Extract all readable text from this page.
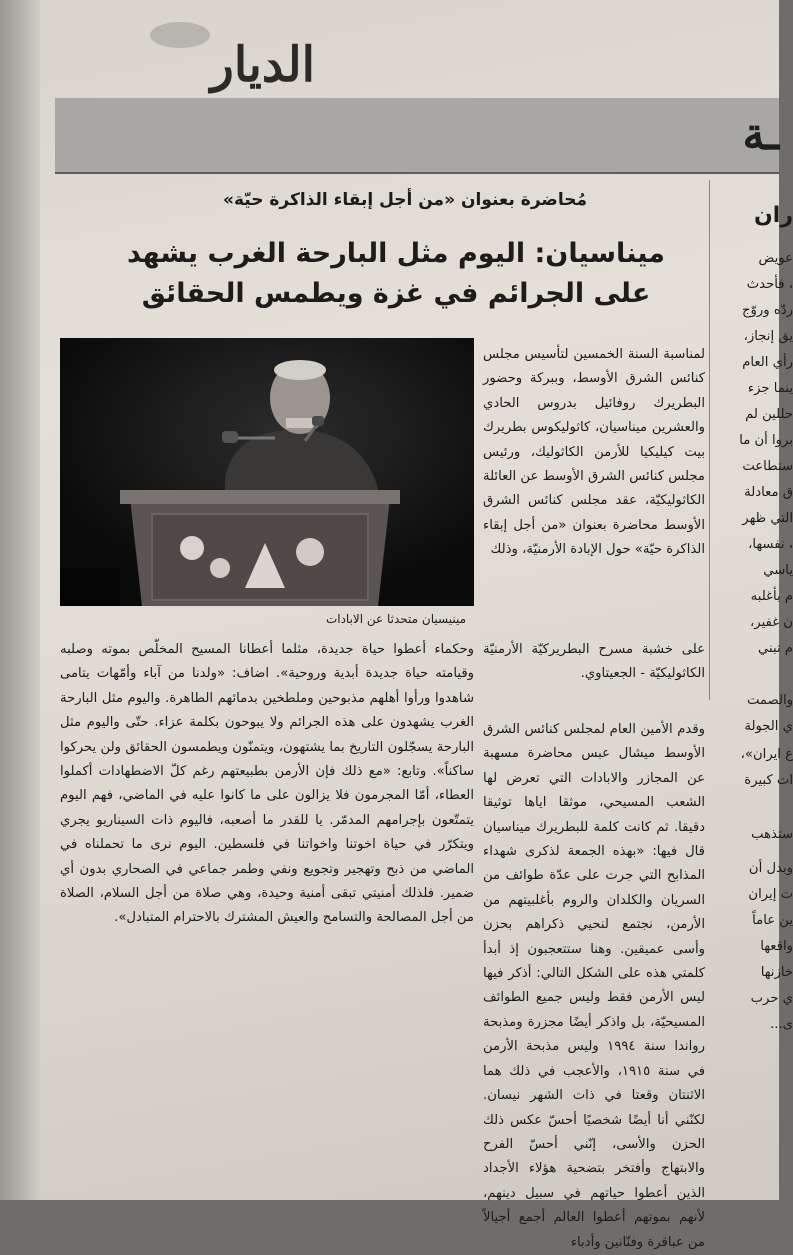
الديار
ـة
ران
عويض
، فأحدث
ردّه وروّج
يق إنجاز،
رأي العام
ينما جزء
حللين لم
بروا أن ما
ستطاعت
ق معادلة
التي ظهر
، نفسها،
ياسي
م بأغلبه
ن غفير،
م تبني
والصمت
ي الجولة
ع ايران»،
ات كبيرة
ستذهب
وبدل أن
ت إيران
ين عاماً
واقعها
خازنها
ي حرب
ى...
مُحاضرة بعنوان «من أجل إبقاء الذاكرة حيّة»
ميناسيان: اليوم مثل البارحة الغرب يشهد
على الجرائم في غزة ويطمس الحقائق
مينيسيان متحدثا عن الابادات

لمناسبة السنة الخمسين لتأسيس مجلس كنائس الشرق الأوسط، وببركة وحضور البطريرك روفائيل بدروس الحادي والعشرين ميناسيان، كاثوليكوس بطريرك بيت كيليكيا للأرمن الكاثوليك، ورئيس مجلس كنائس الشرق الأوسط عن العائلة الكاثوليكيّة، عقد مجلس كنائس الشرق الأوسط محاضرة بعنوان «من أجل إبقاء الذاكرة حيّة» حول الإبادة الأرمنيّة، وذلك

على خشبة مسرح البطريركيّة الأرمنيّة الكاثوليكيّة - الجعيتاوي.

وقدم الأمين العام لمجلس كنائس الشرق الأوسط ميشال عبس محاضرة مسهبة عن المجازر والابادات التي تعرض لها الشعب المسيحي، موثقا اياها توثيقا دقيقا. ثم كانت كلمة للبطريرك ميناسيان قال فيها: «بهذه الجمعة لذكرى شهداء المذابح التي جرت على عدّة طوائف من السريان والكلدان والروم بأغلبيتهم من الأرمن، نجتمع لنحيي ذكراهم بحزن وأسى عميقين. وهنا ستتعجبون إذ أبدأ كلمتي هذه على الشكل التالي: أذكر فيها ليس الأرمن فقط وليس جميع الطوائف المسيحيّة، بل واذكر أيضًا مجزرة ومذبحة رواندا سنة ١٩٩٤ وليس مذبحة الأرمن في سنة ١٩١٥، والأعجب في ذلك هما الاثنتان وقعتا في ذات الشهر نيسان. لكنّني أنا أيضًا شخصيًا أحسّ عكس ذلك الحزن والأسى، إنّني أحسّ الفرح والابتهاج وأفتخر بتضحية هؤلاء الأجداد الذين أعطوا حياتهم في سبيل دينهم، لأنهم بموتهم أعطوا العالم أجمع أجيالاً من عباقرة وفنّانين وأدباء

وحكماء أعطوا حياة جديدة، مثلما أعطانا المسيح المخلّص بموته وصلبه وقيامته حياة جديدة أبدية وروحية». اضاف: «ولدنا من آباء وأمّهات يتامى شاهدوا ورأوا أهلهم مذبوحين وملطخين بدمائهم الطاهرة. واليوم مثل البارحة الغرب يشهدون على هذه الجرائم ولا يبوحون بكلمة عزاء. حتّى واليوم مثل البارحة يسجّلون التاريخ بما يشتهون، ويتمنّون ويطمسون الحقائق ولن يحركوا ساكناً». وتابع: «مع ذلك فإن الأرمن بطبيعتهم رغم كلّ الاضطهادات أكملوا العطاء، أمّا المجرمون فلا يزالون على ما كانوا عليه في الماضي، فهم اليوم يتمتّعون بإجرامهم المدمّر. يا للقدر ما أصعبه، فاليوم ذات السيناريو يجري ويتكرّر في حياة اخوتنا واخواتنا في فلسطين. اليوم نرى ما تحملناه في الماضي من ذبح وتهجير وتجويع ونفي وطمر جماعي في الصحاري بدون أي ضمير. فلذلك أمنيتي تبقى أمنية وحيدة، وهي صلاة من أجل السلام، الصلاة من أجل المصالحة والتسامح والعيش المشترك بالاحترام المتبادل».
